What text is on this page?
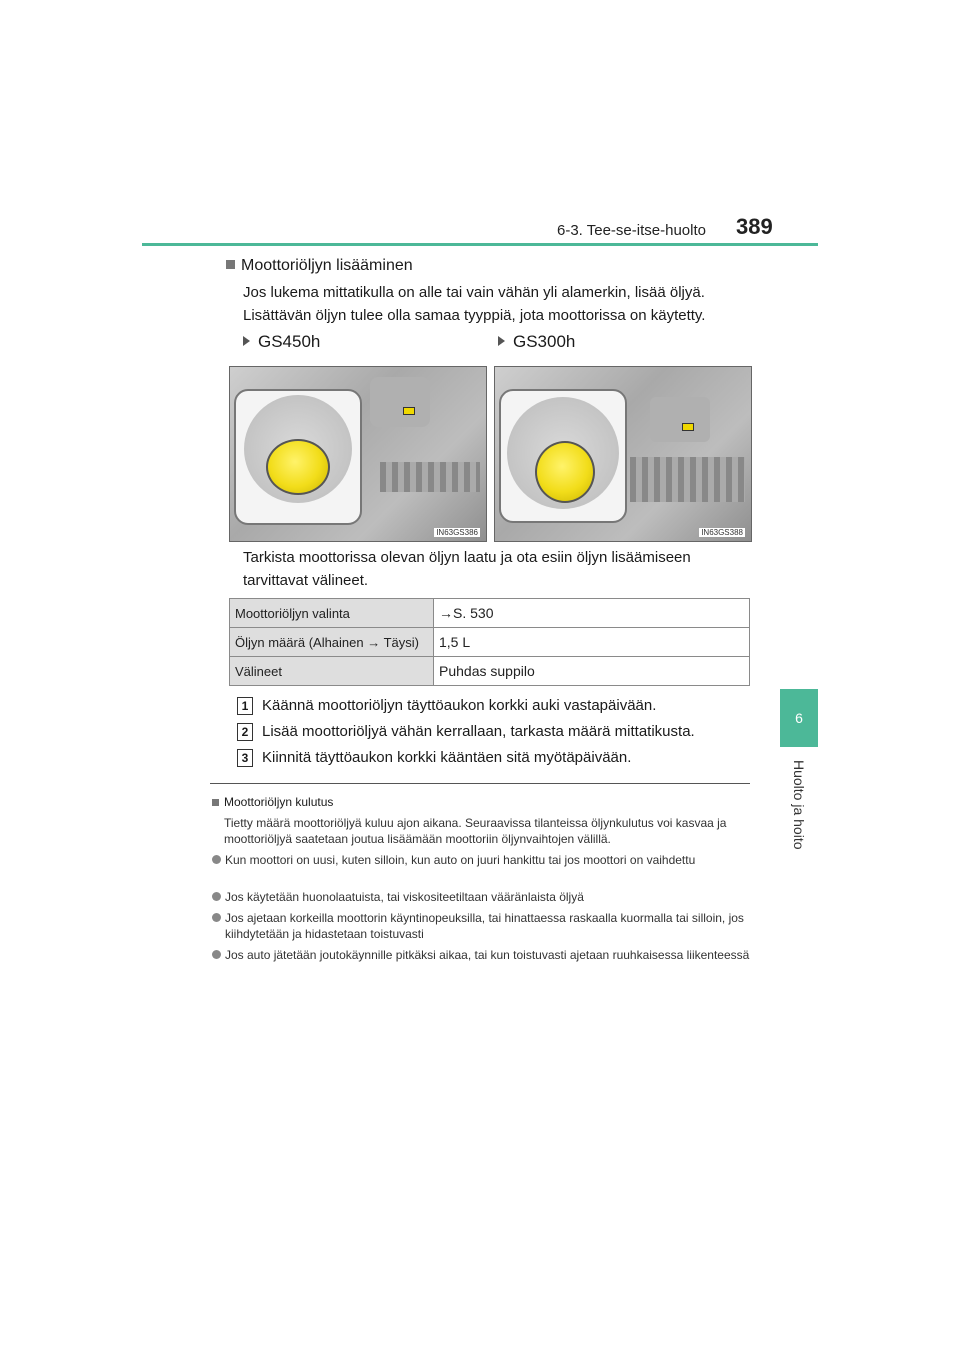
6-3. Tee-se-itse-huolto 389
6
Huolto ja hoito
Moottoriöljyn lisääminen
Jos lukema mittatikulla on alle tai vain vähän yli alamerkin, lisää öljyä. Lisättävän öljyn tulee olla samaa tyyppiä, jota moottorissa on käytetty.
GS450h	GS300h
IN63GS386	IN63GS388
Tarkista moottorissa olevan öljyn laatu ja ota esiin öljyn lisäämiseen tarvittavat välineet.
Moottoriöljyn valinta	→S. 530
Öljyn määrä (Alhainen → Täysi)	1,5 L
Välineet	Puhdas suppilo
1 Käännä moottoriöljyn täyttöaukon korkki auki vastapäivään.
2 Lisää moottoriöljyä vähän kerrallaan, tarkasta määrä mittatikusta.
3 Kiinnitä täyttöaukon korkki kääntäen sitä myötäpäivään.
Moottoriöljyn kulutus
Tietty määrä moottoriöljyä kuluu ajon aikana. Seuraavissa tilanteissa öljynkulutus voi kasvaa ja moottoriöljyä saatetaan joutua lisäämään moottoriin öljynvaihtojen välillä.
Kun moottori on uusi, kuten silloin, kun auto on juuri hankittu tai jos moottori on vaihdettu
Jos käytetään huonolaatuista, tai viskositeetiltaan vääränlaista öljyä
Jos ajetaan korkeilla moottorin käyntinopeuksilla, tai hinattaessa raskaalla kuormalla tai silloin, jos kiihdytetään ja hidastetaan toistuvasti
Jos auto jätetään joutokäynnille pitkäksi aikaa, tai kun toistuvasti ajetaan ruuhkaisessa liikenteessä
